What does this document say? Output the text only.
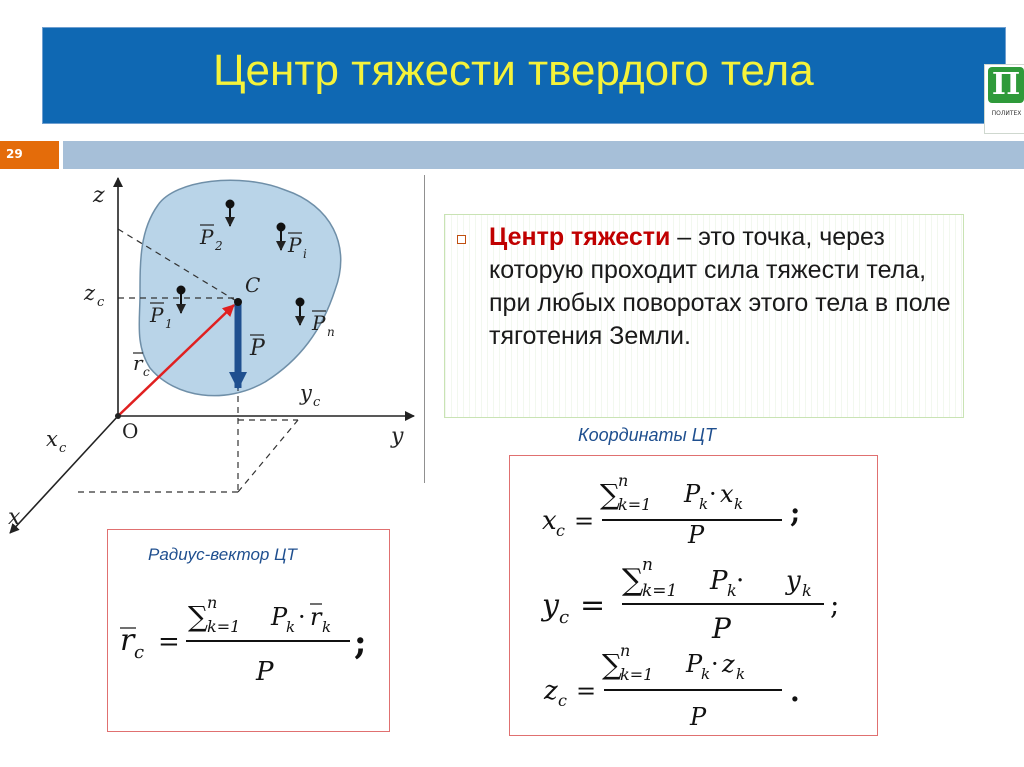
Центр тяжести твердого тела	П
ПОЛИТЕХ
29
z
y
x
O
C
z c
y c
x c
r c
P
P 1
P 2	P i
P n
Центр тяжести – это точка, через которую проходит сила тяжести тела, при любых поворотах этого тела в поле тяготения Земли.
Координаты ЦТ
Радиус-вектор ЦТ
r c =
∑ n
k=1 P
k · r k
P
;
x c =
∑
n
k=1 P
k · x k
P
;
y c =
∑
n
k=1 P k · y k
P
;
z c =
∑
n
k=1 P
k · z k
P
.
